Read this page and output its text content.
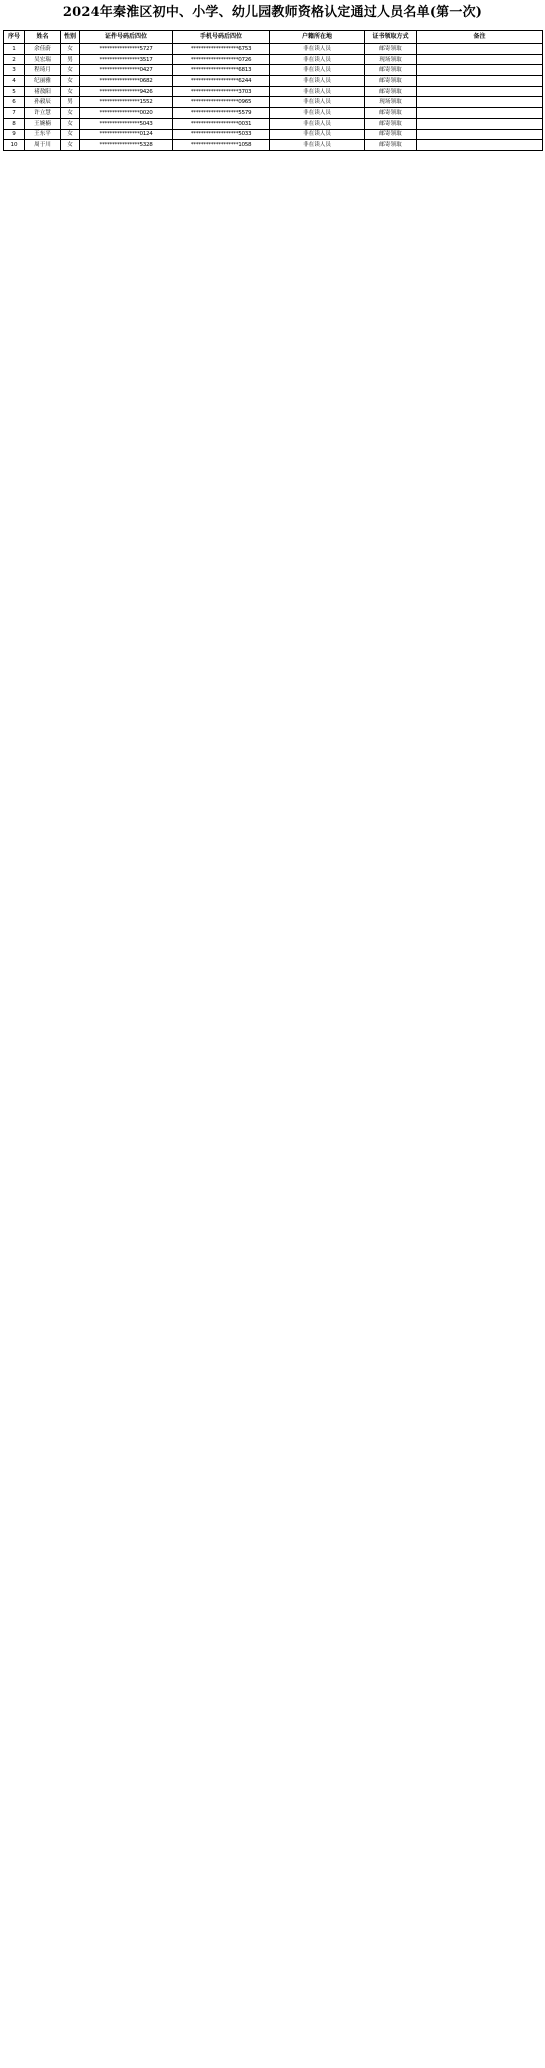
2024年秦淮区初中、小学、幼儿园教师资格认定通过人员名单(第一次)
序号	姓名	性别	证件号码后四位	手机号码后四位	户籍所在地	证书领取方式	备注
1	余佳蔚	女	****************5727	*******************6753	非在读人员	邮寄领取	
2	吴宏瑞	男	****************3517	*******************0726	非在读人员	现场领取	
3	程琦月	女	****************0427	*******************6813	非在读人员	邮寄领取	
4	纪丽雅	女	****************0682	*******************6244	非在读人员	邮寄领取	
5	褚敖阳	女	****************9426	*******************3703	非在读人员	邮寄领取	
6	孙毅辰	男	****************1552	*******************0965	非在读人员	现场领取	
7	许立慧	女	****************0020	*******************5579	非在读人员	邮寄领取	
8	王婉楠	女	****************5043	*******************0031	非在读人员	邮寄领取	
9	王东平	女	****************0124	*******************5033	非在读人员	邮寄领取	
10	周于川	女	****************5328	*******************1058	非在读人员	邮寄领取	
